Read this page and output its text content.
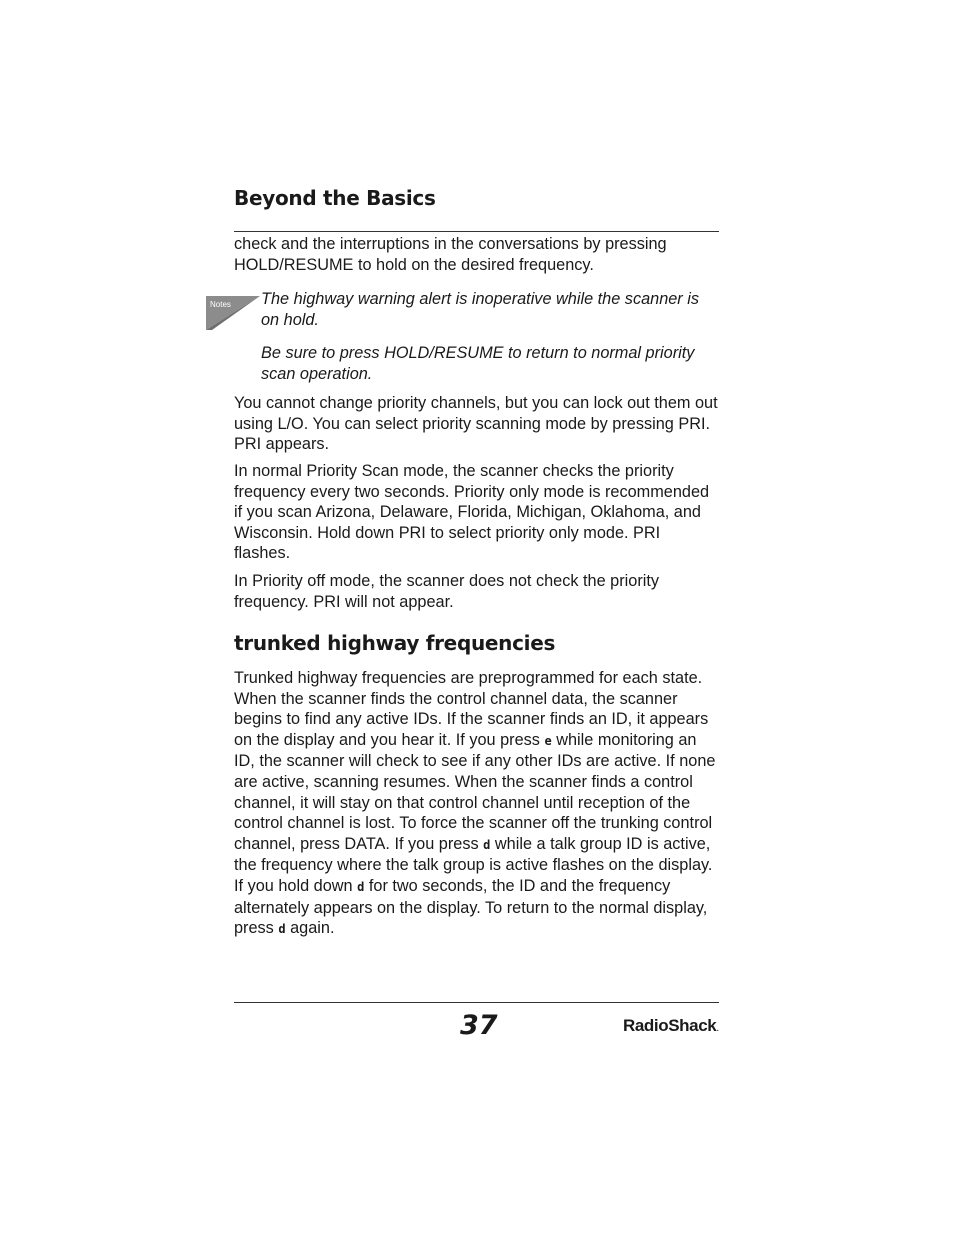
Beyond the Basics

check and the interruptions in the conversations by pressing HOLD/RESUME to hold on the desired frequency.

The highway warning alert is inoperative while the scanner is on hold.

Be sure to press HOLD/RESUME to return to normal priority scan operation.

You cannot change priority channels, but you can lock out them out using L/O. You can select priority scanning mode by pressing PRI. PRI appears.

In normal Priority Scan mode, the scanner checks the priority frequency every two seconds. Priority only mode is recommended if you scan Arizona, Delaware, Florida, Michigan, Oklahoma, and Wisconsin. Hold down PRI to select priority only mode. PRI flashes.

In Priority off mode, the scanner does not check the priority frequency. PRI will not appear.

trunked highway frequencies

Trunked highway frequencies are preprogrammed for each state. When the scanner finds the control channel data, the scanner begins to find any active IDs. If the scanner finds an ID, it appears on the display and you hear it. If you press e while monitoring an ID, the scanner will check to see if any other IDs are active. If none are active, scanning resumes. When the scanner finds a control channel, it will stay on that control channel until reception of the control channel is lost. To force the scanner off the trunking control channel, press DATA. If you press d while a talk group ID is active, the frequency where the talk group is active flashes on the display. If you hold down d for two seconds, the ID and the frequency alternately appears on the display. To return to the normal display, press d again.

37	RadioShack.
Notes
